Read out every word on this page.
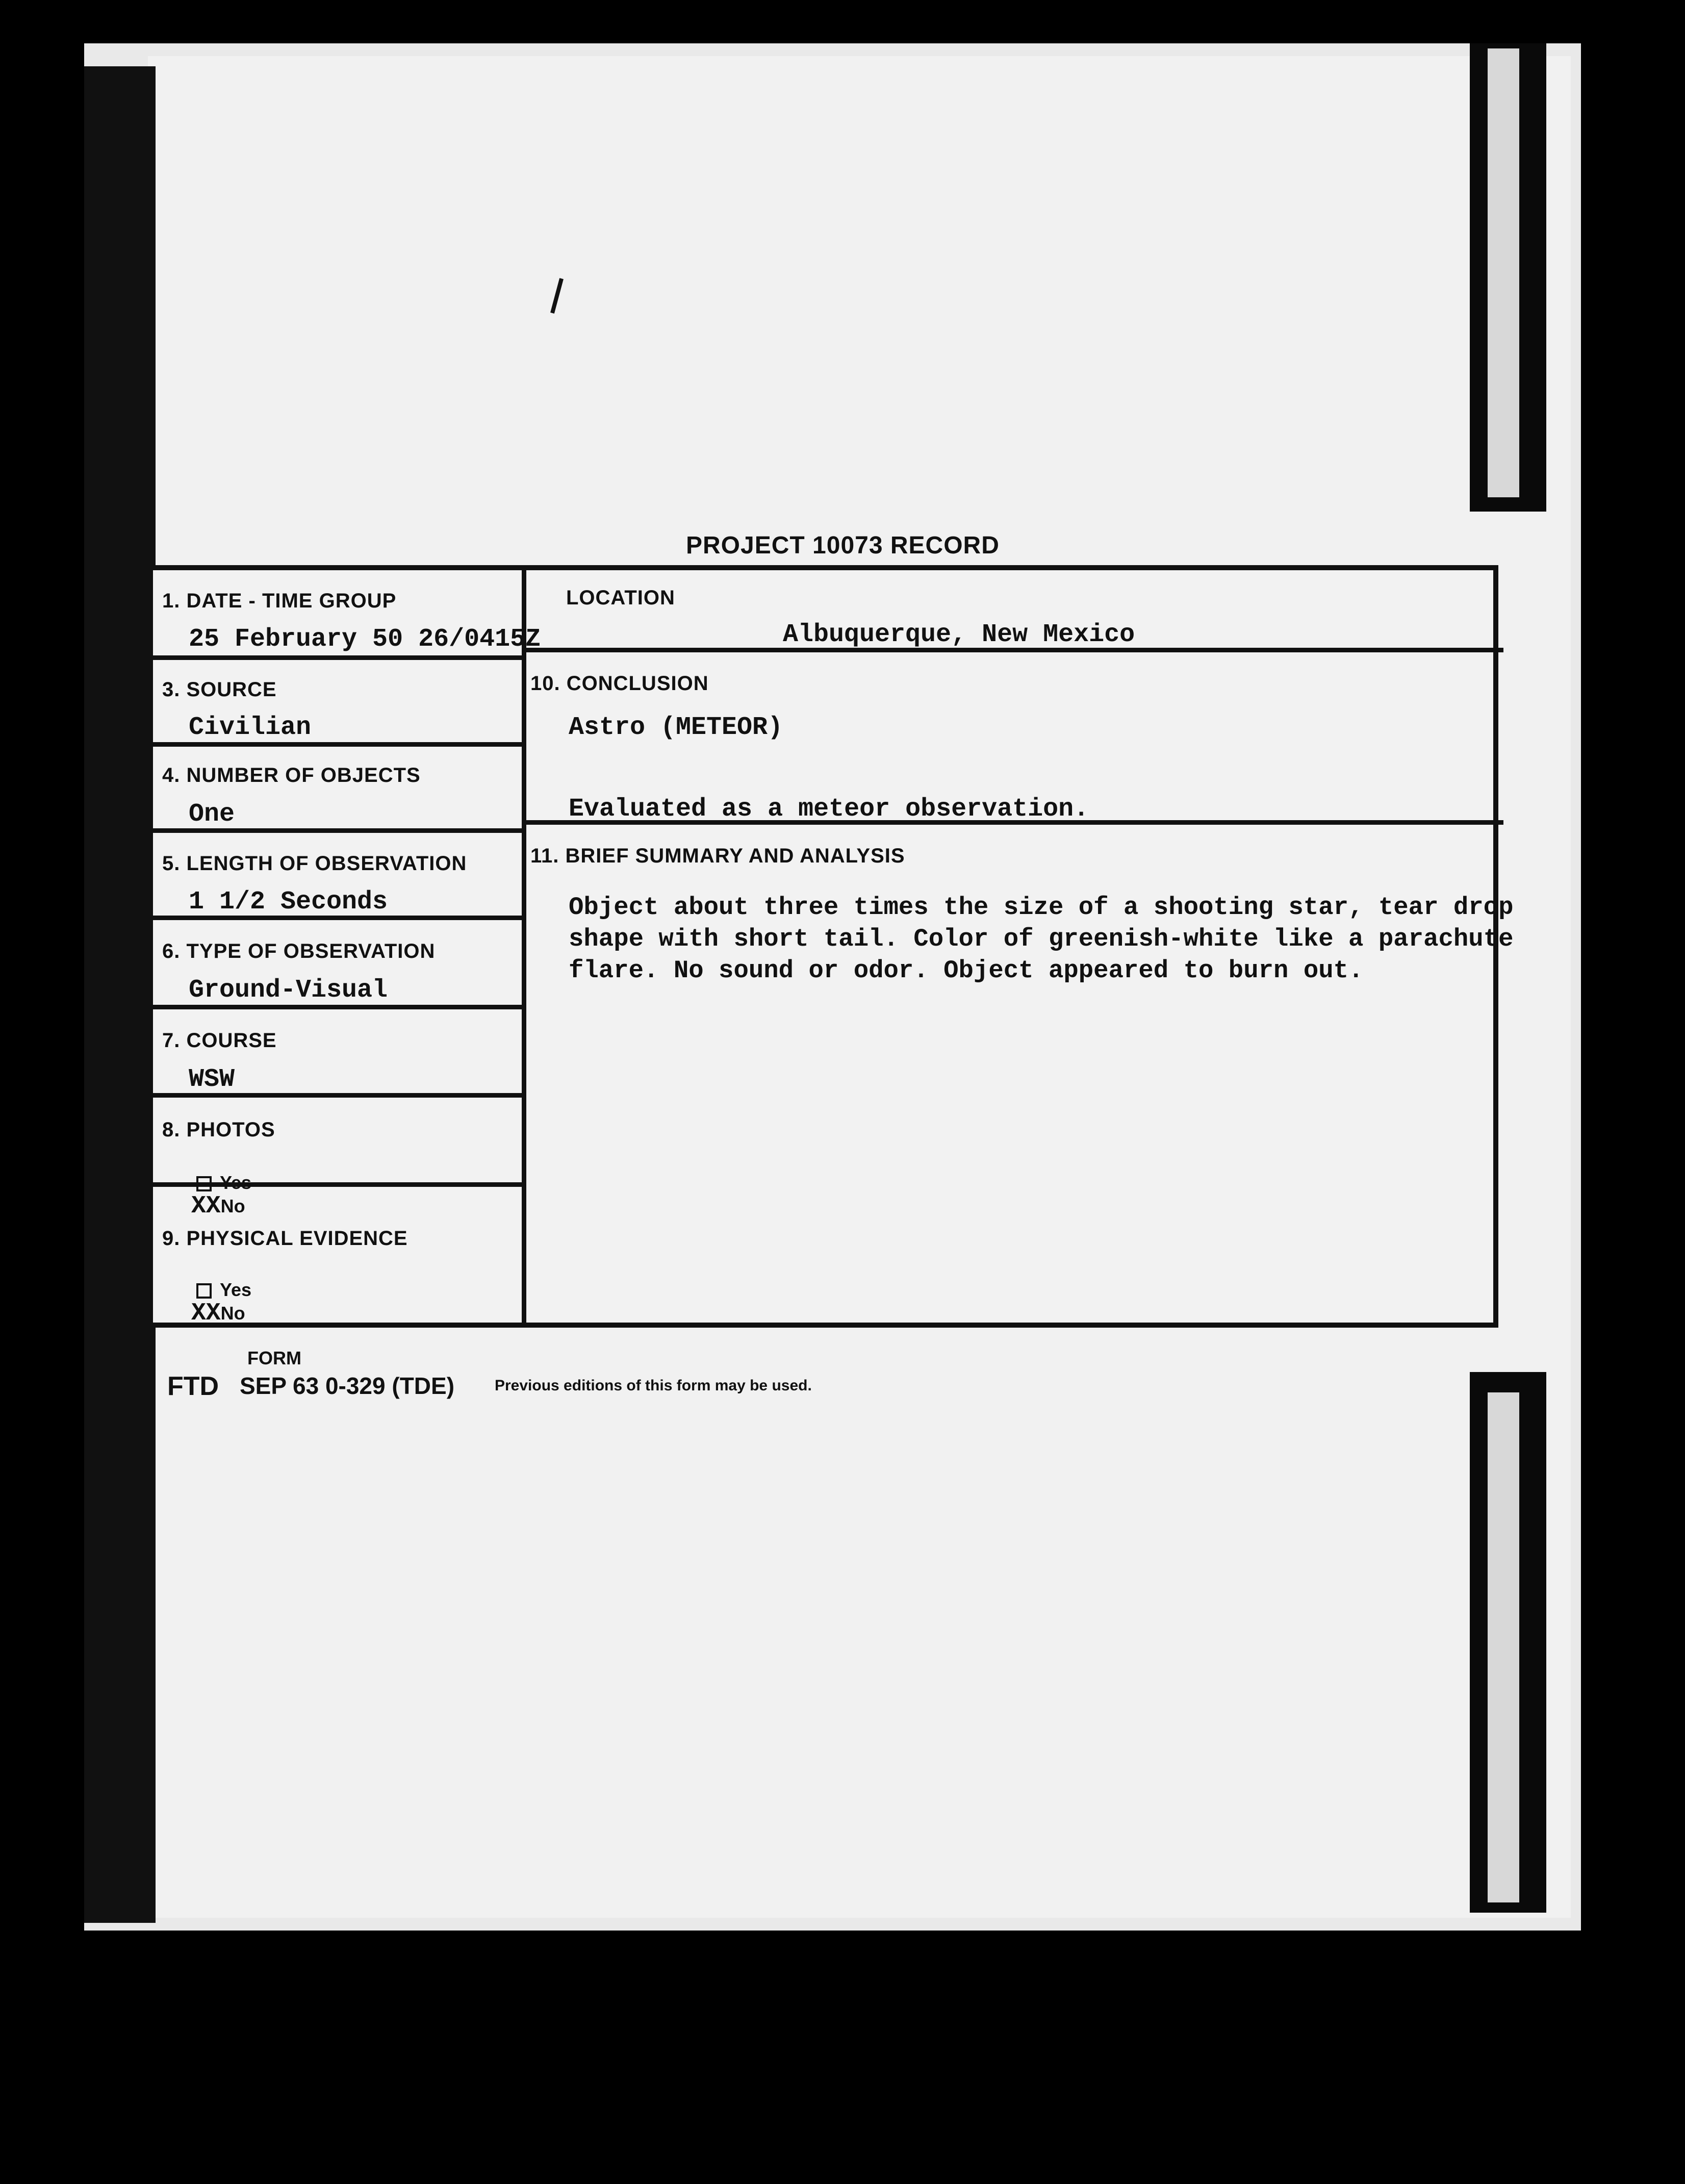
PROJECT 10073 RECORD
1. DATE - TIME GROUP
25 February 50 26/0415Z
3. SOURCE
Civilian
4. NUMBER OF OBJECTS
One
5. LENGTH OF OBSERVATION
1 1/2 Seconds
6. TYPE OF OBSERVATION
Ground-Visual
7. COURSE
WSW
8. PHOTOS
Yes
XXNo
9. PHYSICAL EVIDENCE
Yes
XXNo
LOCATION
Albuquerque, New Mexico
10. CONCLUSION
Astro (METEOR)
Evaluated as a meteor observation.
11. BRIEF SUMMARY AND ANALYSIS
Object about three times the size of a shooting star, tear drop
shape with short tail. Color of greenish-white like a parachute
flare. No sound or odor. Object appeared to burn out.
FORM
FTD SEP 63 0-329 (TDE)	Previous editions of this form may be used.
